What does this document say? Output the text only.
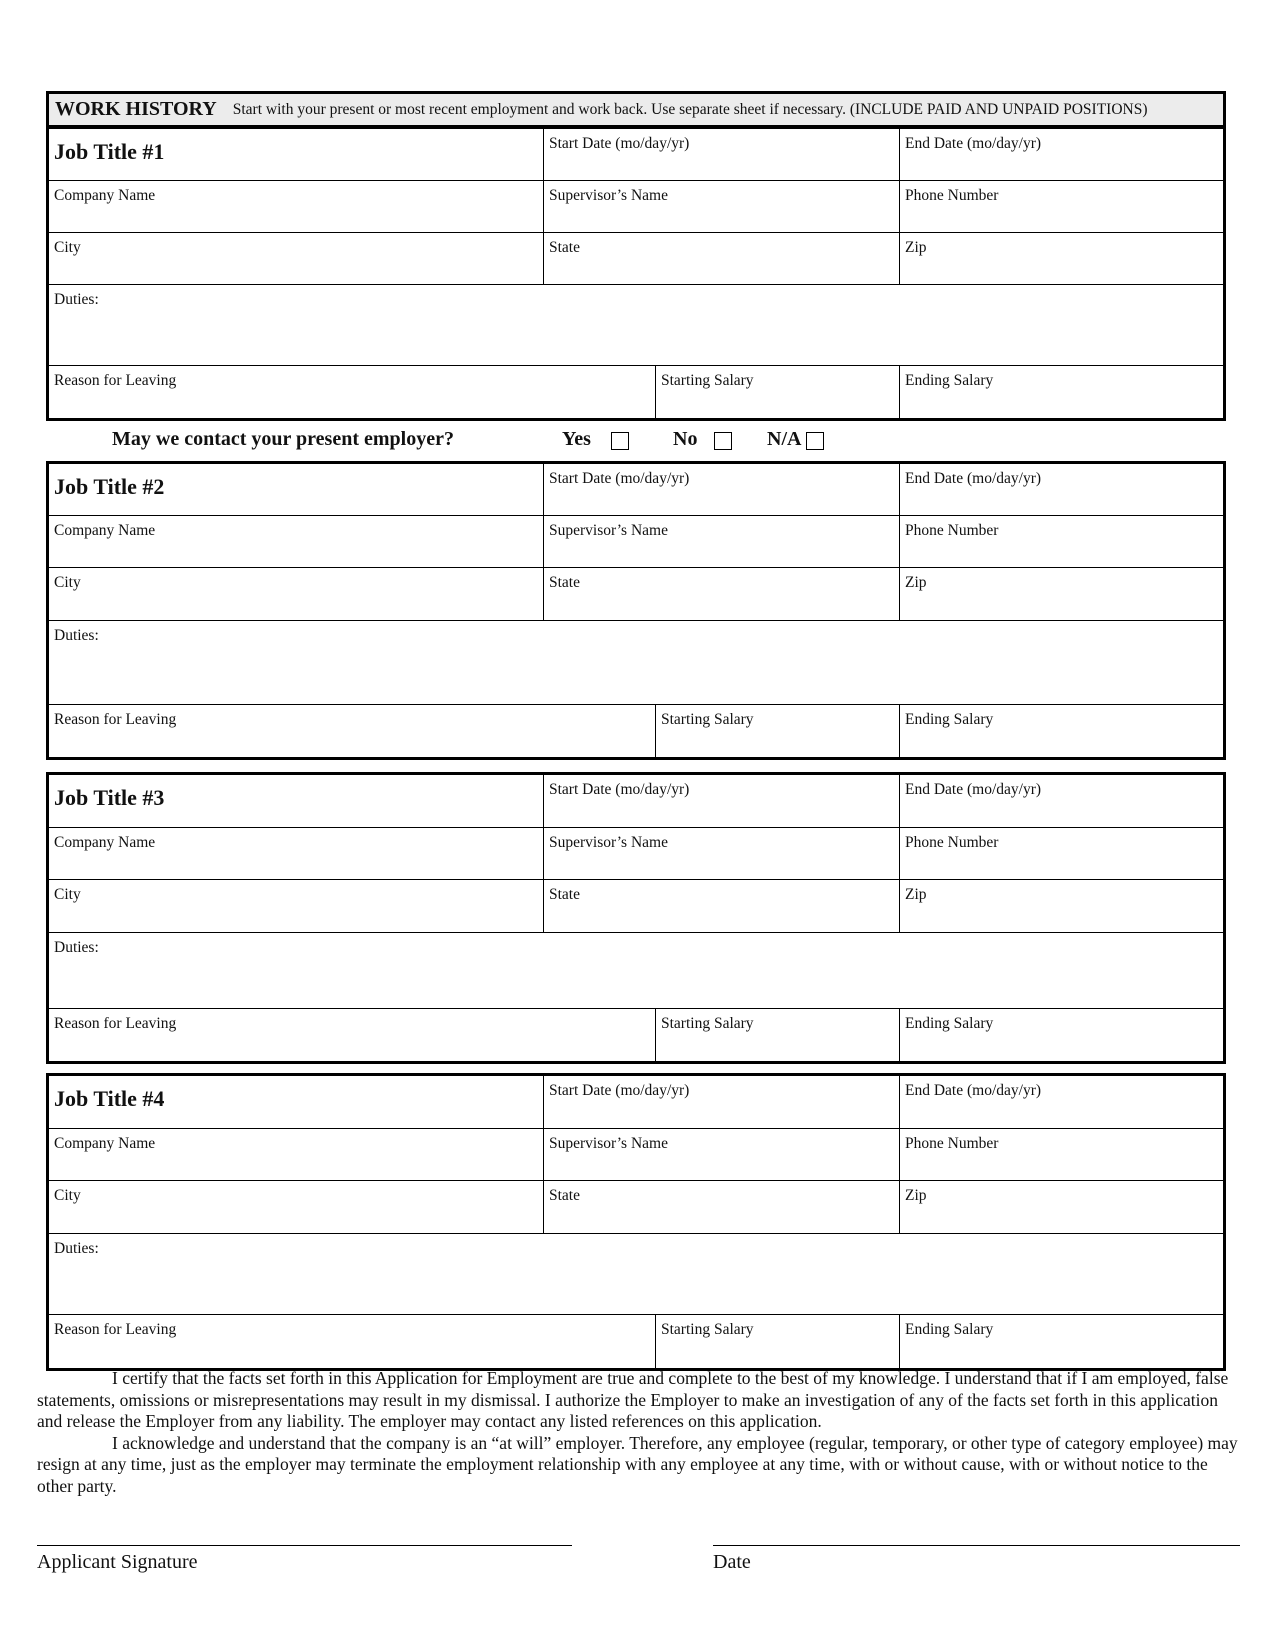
WORK HISTORY Start with your present or most recent employment and work back. Use separate sheet if necessary. (INCLUDE PAID AND UNPAID POSITIONS)
Job Title #1	Start Date (mo/day/yr)	End Date (mo/day/yr)
Company Name	Supervisor’s Name	Phone Number
City	State	Zip
Duties:
Reason for Leaving	Starting Salary	Ending Salary
May we contact your present employer?	Yes	No	N/A
Job Title #2	Start Date (mo/day/yr)	End Date (mo/day/yr)
Company Name	Supervisor’s Name	Phone Number
City	State	Zip
Duties:
Reason for Leaving	Starting Salary	Ending Salary
Job Title #3	Start Date (mo/day/yr)	End Date (mo/day/yr)
Company Name	Supervisor’s Name	Phone Number
City	State	Zip
Duties:
Reason for Leaving	Starting Salary	Ending Salary
Job Title #4	Start Date (mo/day/yr)	End Date (mo/day/yr)
Company Name	Supervisor’s Name	Phone Number
City	State	Zip
Duties:
Reason for Leaving	Starting Salary	Ending Salary

I certify that the facts set forth in this Application for Employment are true and complete to the best of my knowledge. I understand that if I am employed, false statements, omissions or misrepresentations may result in my dismissal. I authorize the Employer to make an investigation of any of the facts set forth in this application and release the Employer from any liability. The employer may contact any listed references on this application.

I acknowledge and understand that the company is an “at will” employer. Therefore, any employee (regular, temporary, or other type of category employee) may resign at any time, just as the employer may terminate the employment relationship with any employee at any time, with or without cause, with or without notice to the other party.

Applicant Signature	Date
